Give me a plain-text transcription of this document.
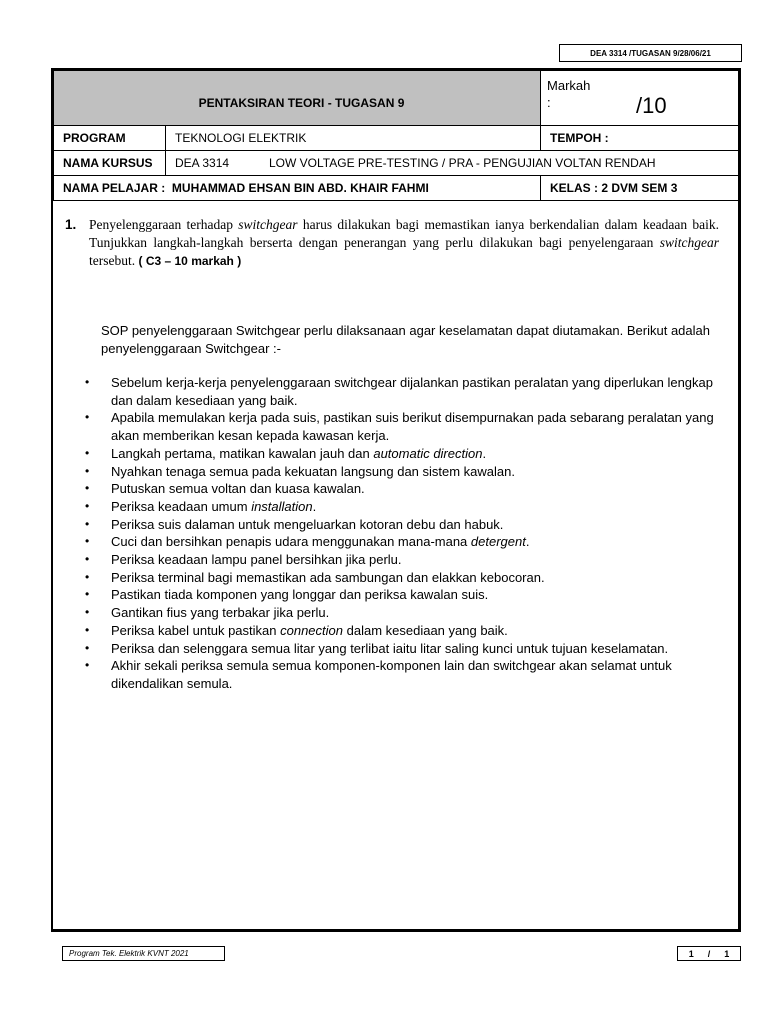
DEA 3314 /TUGASAN 9/28/06/21
PENTAKSIRAN TEORI - TUGASAN 9		Markah
: /10

PROGRAM	TEKNOLOGI ELEKTRIK	TEMPOH :
NAMA KURSUS	DEA 3314 LOW VOLTAGE PRE-TESTING / PRA - PENGUJIAN VOLTAN RENDAH	
NAMA PELAJAR : MUHAMMAD EHSAN BIN ABD. KHAIR FAHMI		KELAS : 2 DVM SEM 3
1. Penyelenggaraan terhadap switchgear harus dilakukan bagi memastikan ianya berkendalian dalam keadaan baik. Tunjukkan langkah-langkah berserta dengan penerangan yang perlu dilakukan bagi penyelengaraan switchgear tersebut. ( C3 – 10 markah )
SOP penyelenggaraan Switchgear perlu dilaksanaan agar keselamatan dapat diutamakan. Berikut adalah penyelenggaraan Switchgear :-
• Sebelum kerja-kerja penyelenggaraan switchgear dijalankan pastikan peralatan yang diperlukan lengkap dan dalam kesediaan yang baik.
• Apabila memulakan kerja pada suis, pastikan suis berikut disempurnakan pada sebarang peralatan yang akan memberikan kesan kepada kawasan kerja.
• Langkah pertama, matikan kawalan jauh dan automatic direction.
• Nyahkan tenaga semua pada kekuatan langsung dan sistem kawalan.
• Putuskan semua voltan dan kuasa kawalan.
• Periksa keadaan umum installation.
• Periksa suis dalaman untuk mengeluarkan kotoran debu dan habuk.
• Cuci dan bersihkan penapis udara menggunakan mana-mana detergent.
• Periksa keadaan lampu panel bersihkan jika perlu.
• Periksa terminal bagi memastikan ada sambungan dan elakkan kebocoran.
• Pastikan tiada komponen yang longgar dan periksa kawalan suis.
• Gantikan fius yang terbakar jika perlu.
• Periksa kabel untuk pastikan connection dalam kesediaan yang baik.
• Periksa dan selenggara semua litar yang terlibat iaitu litar saling kunci untuk tujuan keselamatan.
• Akhir sekali periksa semula semua komponen-komponen lain dan switchgear akan selamat untuk dikendalikan semula.
Program Tek. Elektrik KVNT 2021	1 / 1
